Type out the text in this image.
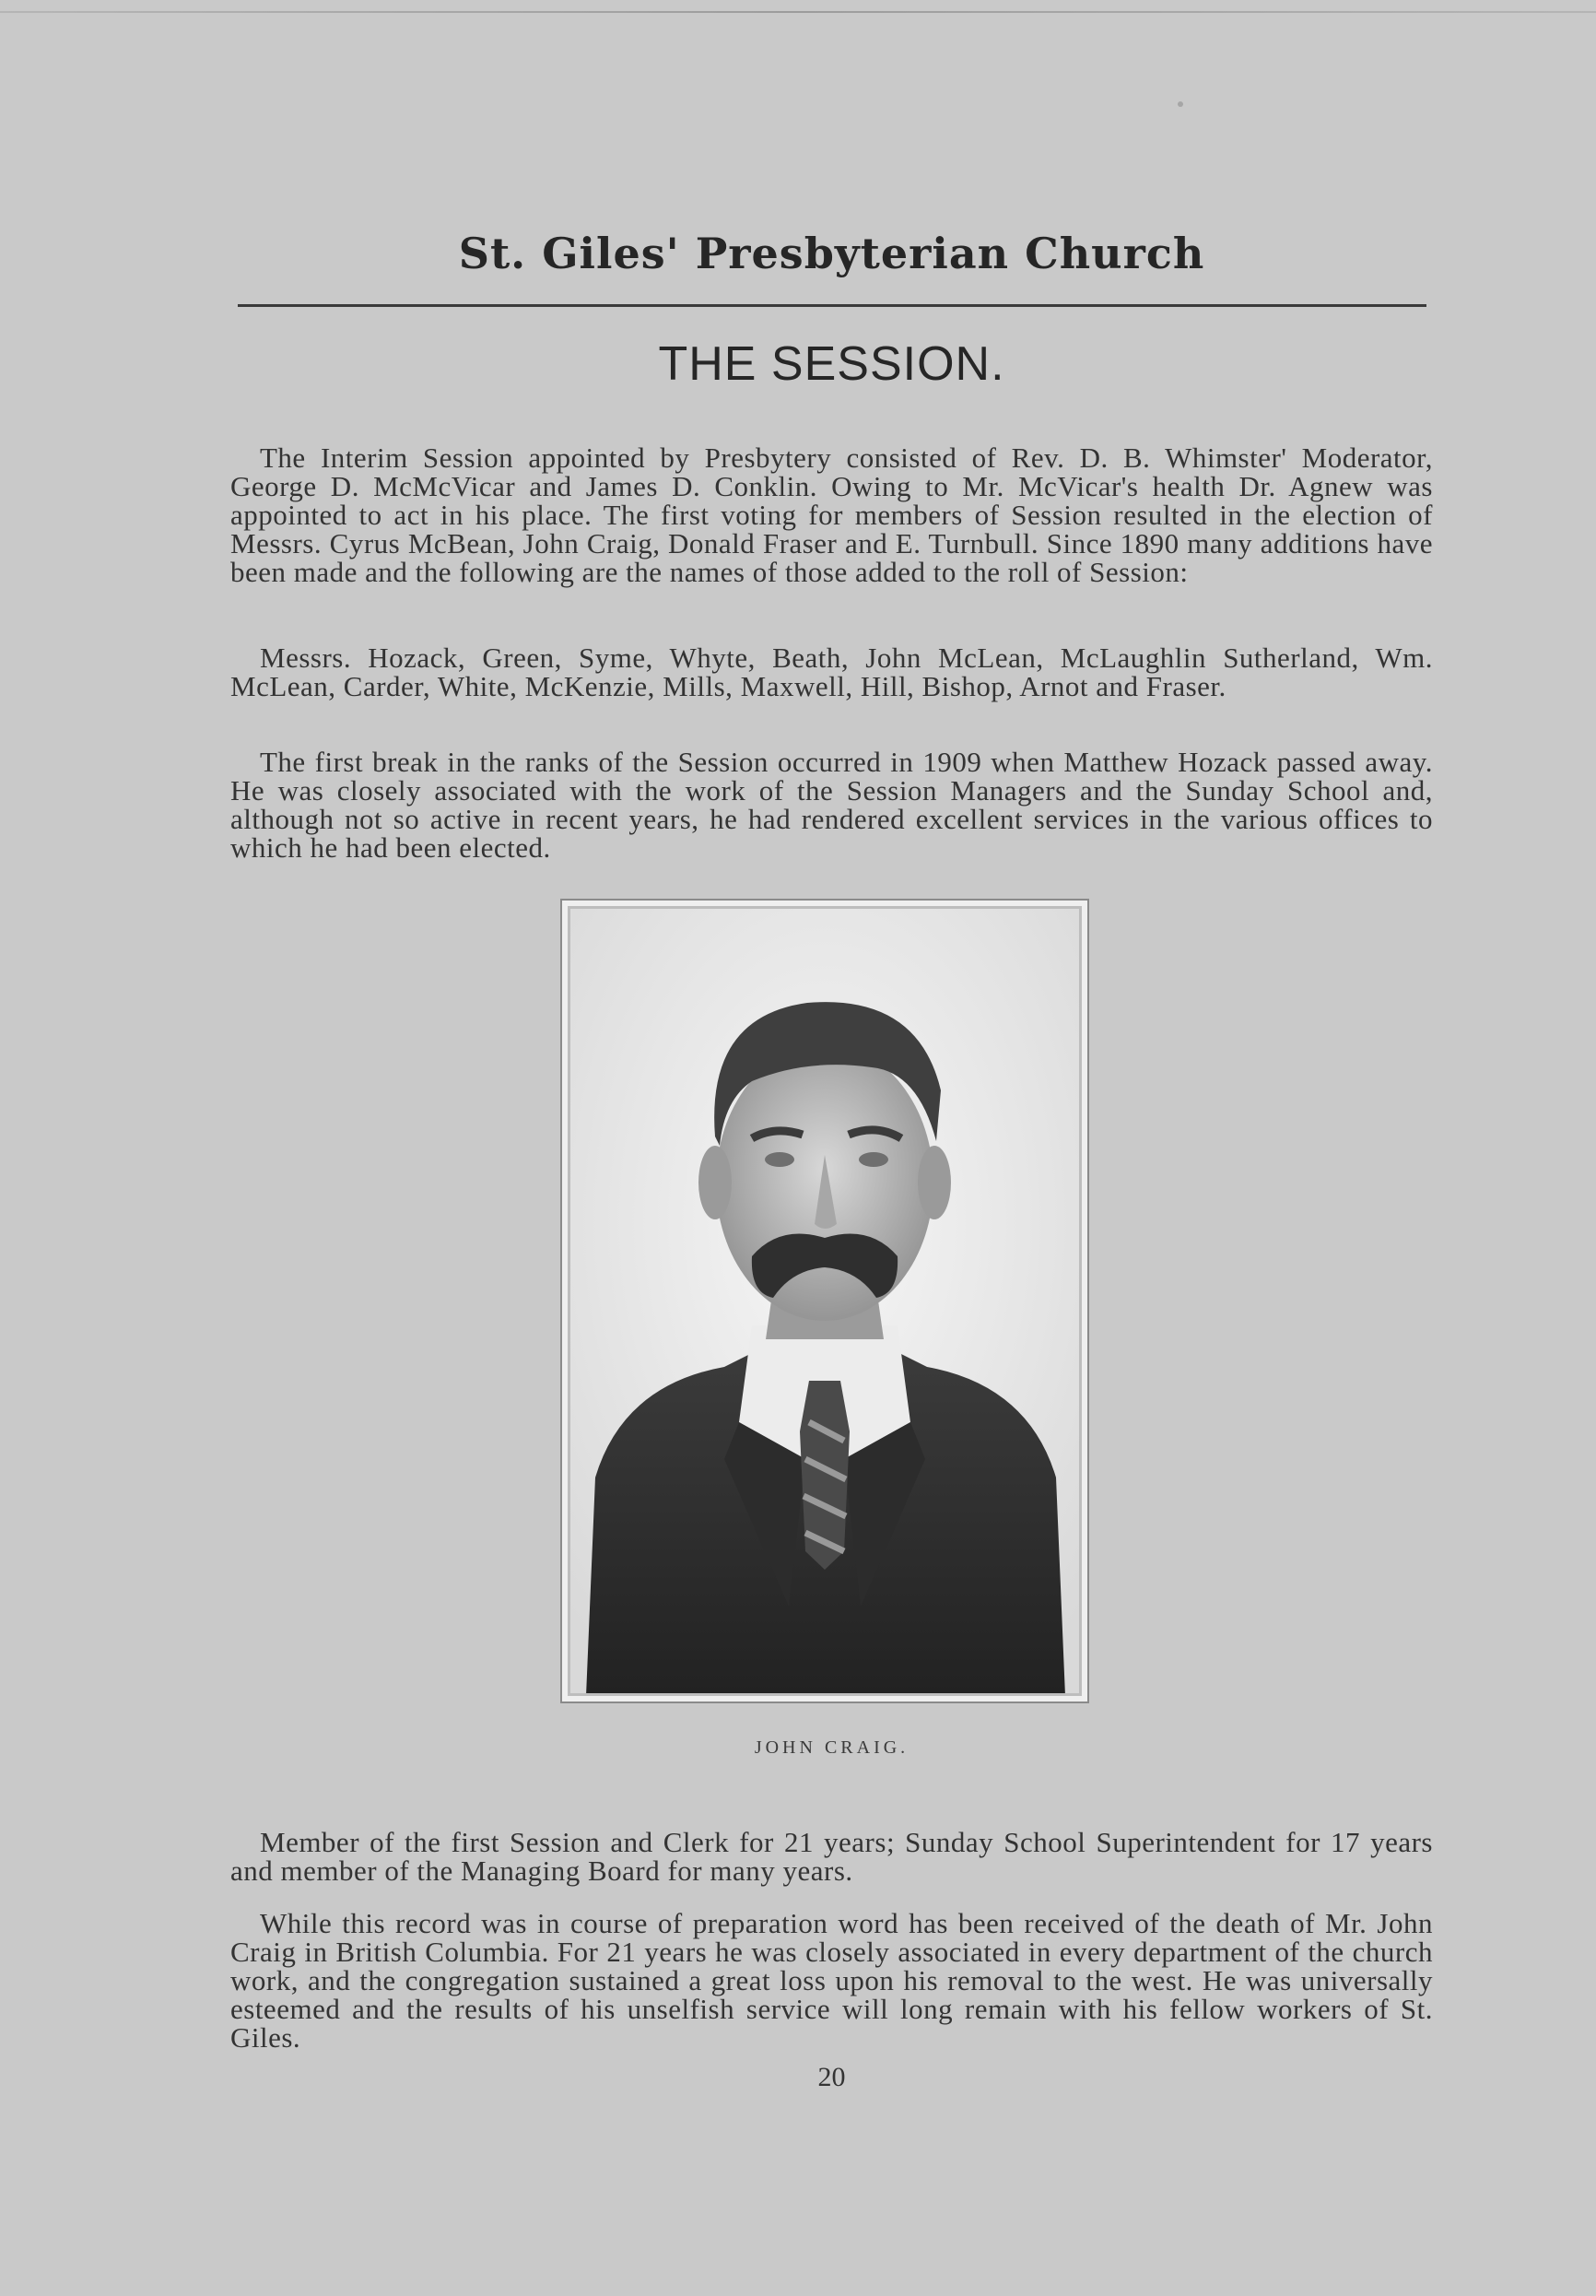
St. Giles' Presbyterian Church
THE SESSION.

The Interim Session appointed by Presbytery consisted of Rev. D. B. Whimster' Moderator, George D. McMcVicar and James D. Conklin. Owing to Mr. McVicar's health Dr. Agnew was appointed to act in his place. The first voting for members of Session resulted in the election of Messrs. Cyrus McBean, John Craig, Donald Fraser and E. Turnbull. Since 1890 many additions have been made and the following are the names of those added to the roll of Session:

Messrs. Hozack, Green, Syme, Whyte, Beath, John McLean, McLaughlin Sutherland, Wm. McLean, Carder, White, McKenzie, Mills, Maxwell, Hill, Bishop, Arnot and Fraser.

The first break in the ranks of the Session occurred in 1909 when Matthew Hozack passed away. He was closely associated with the work of the Session Managers and the Sunday School and, although not so active in recent years, he had rendered excellent services in the various offices to which he had been elected.

JOHN CRAIG.

Member of the first Session and Clerk for 21 years; Sunday School Superintendent for 17 years and member of the Managing Board for many years.

While this record was in course of preparation word has been received of the death of Mr. John Craig in British Columbia. For 21 years he was closely associated in every department of the church work, and the congregation sustained a great loss upon his removal to the west. He was universally esteemed and the results of his unselfish service will long remain with his fellow workers of St. Giles.

20
